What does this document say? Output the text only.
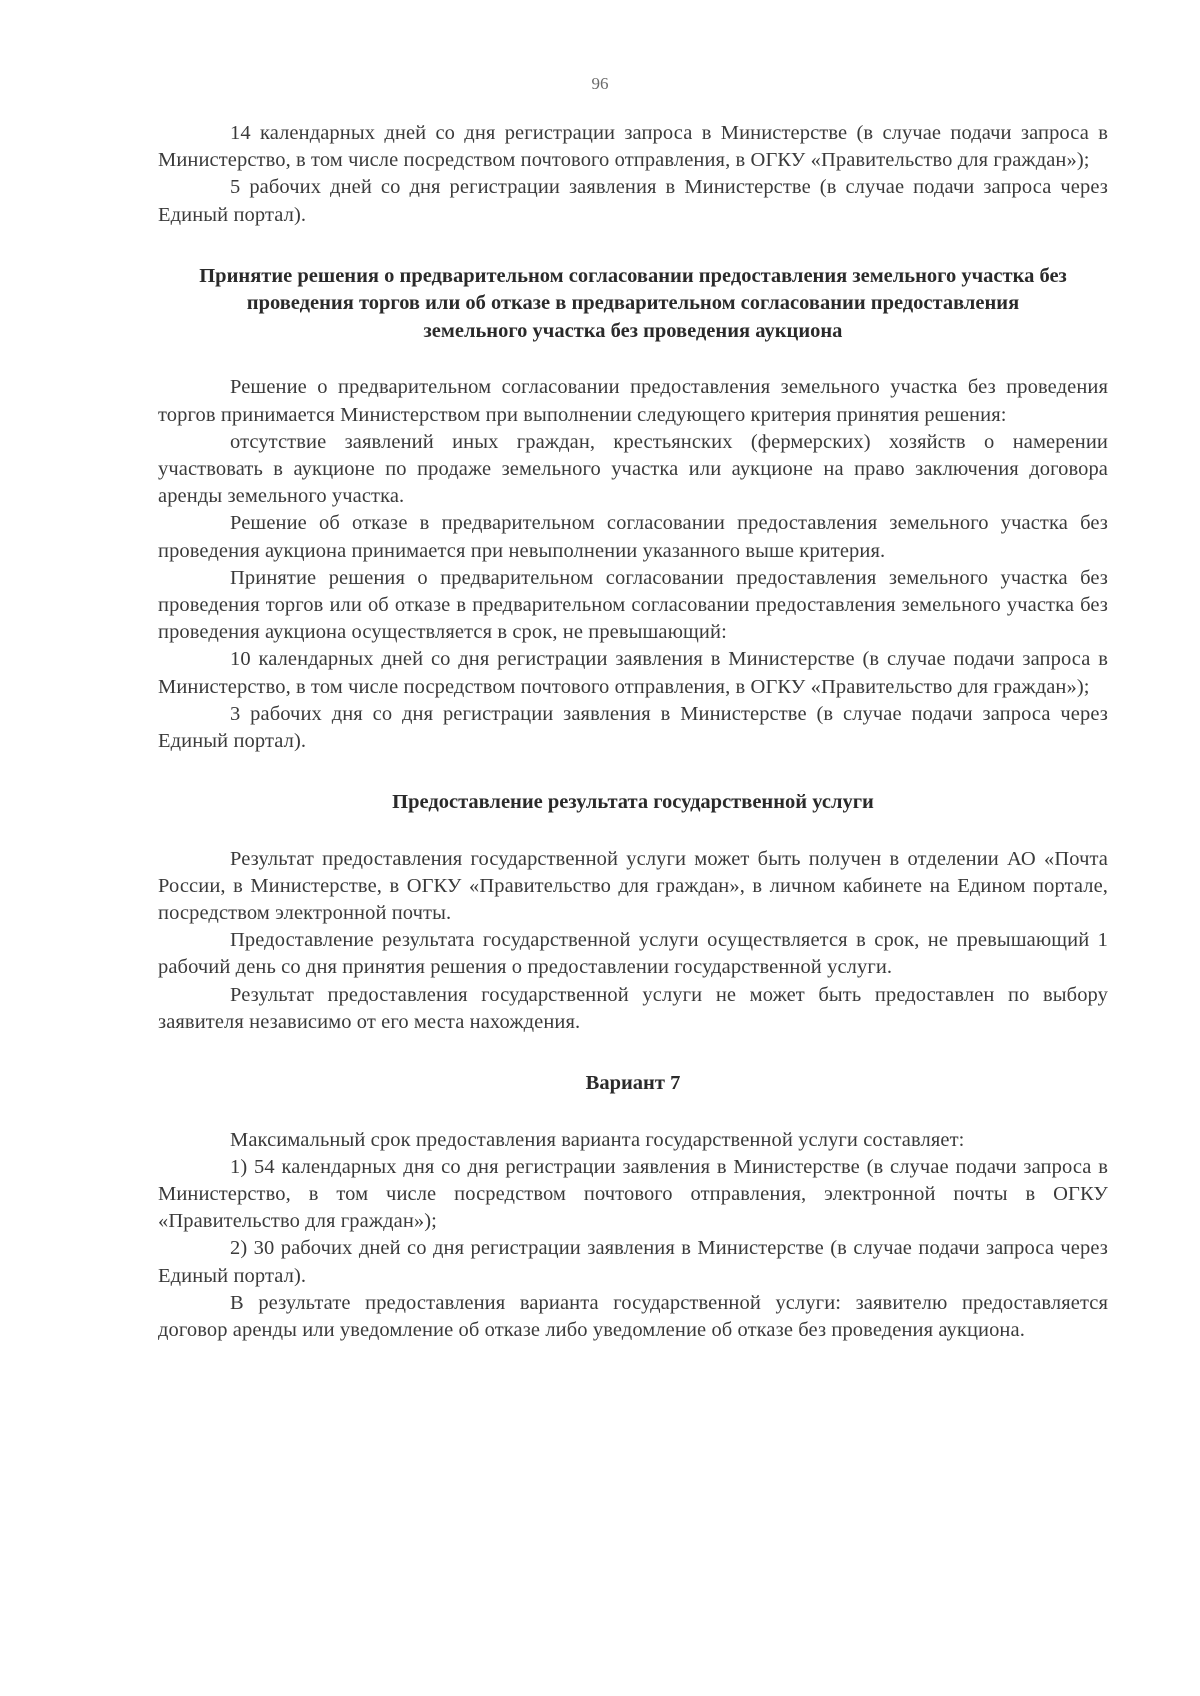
96

14 календарных дней со дня регистрации запроса в Министерстве (в случае подачи запроса в Министерство, в том числе посредством почтового отправления, в ОГКУ «Правительство для граждан»);

5 рабочих дней со дня регистрации заявления в Министерстве (в случае подачи запроса через Единый портал).

Принятие решения о предварительном согласовании предоставления земельного участка без проведения торгов или об отказе в предварительном согласовании предоставления земельного участка без проведения аукциона

Решение о предварительном согласовании предоставления земельного участка без проведения торгов принимается Министерством при выполнении следующего критерия принятия решения:

отсутствие заявлений иных граждан, крестьянских (фермерских) хозяйств о намерении участвовать в аукционе по продаже земельного участка или аукционе на право заключения договора аренды земельного участка.

Решение об отказе в предварительном согласовании предоставления земельного участка без проведения аукциона принимается при невыполнении указанного выше критерия.

Принятие решения о предварительном согласовании предоставления земельного участка без проведения торгов или об отказе в предварительном согласовании предоставления земельного участка без проведения аукциона осуществляется в срок, не превышающий:

10 календарных дней со дня регистрации заявления в Министерстве (в случае подачи запроса в Министерство, в том числе посредством почтового отправления, в ОГКУ «Правительство для граждан»);

3 рабочих дня со дня регистрации заявления в Министерстве (в случае подачи запроса через Единый портал).

Предоставление результата государственной услуги

Результат предоставления государственной услуги может быть получен в отделении АО «Почта России, в Министерстве, в ОГКУ «Правительство для граждан», в личном кабинете на Едином портале, посредством электронной почты.

Предоставление результата государственной услуги осуществляется в срок, не превышающий 1 рабочий день со дня принятия решения о предоставлении государственной услуги.

Результат предоставления государственной услуги не может быть предоставлен по выбору заявителя независимо от его места нахождения.

Вариант 7

Максимальный срок предоставления варианта государственной услуги составляет:

1) 54 календарных дня со дня регистрации заявления в Министерстве (в случае подачи запроса в Министерство, в том числе посредством почтового отправления, электронной почты в ОГКУ «Правительство для граждан»);

2) 30 рабочих дней со дня регистрации заявления в Министерстве (в случае подачи запроса через Единый портал).

В результате предоставления варианта государственной услуги: заявителю предоставляется договор аренды или уведомление об отказе либо уведомление об отказе без проведения аукциона.
